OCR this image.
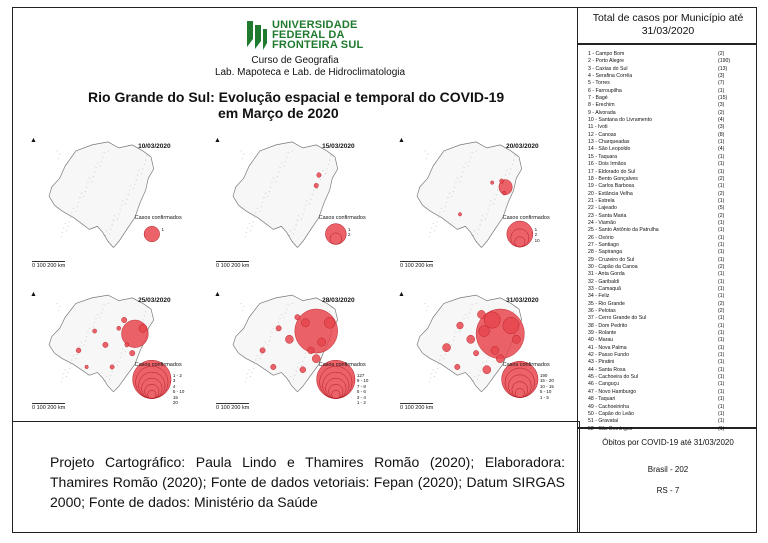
UNIVERSIDADE
FEDERAL DA
FRONTEIRA SUL
Curso de Geografia
Lab. Mapoteca e Lab. de Hidroclimatologia
Rio Grande do Sul: Evolução espacial e temporal do COVID-19
em Março de 2020
10/03/2020
▲
0 100 200 km
Casos confirmados
1
15/03/2020
▲
0 100 200 km
Casos confirmados
1
2
20/03/2020
▲
0 100 200 km
Casos confirmados
1
2
10
25/03/2020
▲
0 100 200 km
Casos confirmados
1 - 2
3
4
5 - 10
15
20
28/03/2020
▲
0 100 200 km
Casos confirmados
127
9 - 10
7 - 8
5 - 6
3 - 4
1 - 2
31/03/2020
▲
0 100 200 km
Casos confirmados
190
15 - 20
10 - 15
5 - 10
1 - 5
Total de casos por Município até 31/03/2020
1 - Campo Bom	(2)
2 - Porto Alegre	(190)
3 - Caxias do Sul	(13)
4 - Serafina Corrêa	(3)
5 - Torres	(7)
6 - Farroupilha	(1)
7 - Bagé	(15)
8 - Erechim	(3)
9 - Alvorada	(2)
10 - Santana do Livramento	(4)
11 - Ivoti	(3)
12 - Canoas	(8)
13 - Charqueadas	(1)
14 - São Leopoldo	(4)
15 - Taquara	(1)
16 - Dois Irmãos	(1)
17 - Eldorado do Sul	(1)
18 - Bento Gonçalves	(2)
19 - Carlos Barbosa	(1)
20 - Estância Velha	(2)
21 - Estrela	(1)
22 - Lajeado	(5)
23 - Santa Maria	(2)
24 - Viamão	(1)
25 - Santo Antônio da Patrulha	(1)
26 - Osório	(1)
27 - Santiago	(1)
28 - Sapiranga	(1)
29 - Cruzeiro do Sul	(1)
30 - Capão da Canoa	(2)
31 - Anta Gorda	(1)
32 - Garibaldi	(1)
33 - Camaquã	(1)
34 - Feliz	(1)
35 - Rio Grande	(2)
36 - Pelotas	(2)
37 - Cerro Grande do Sul	(1)
38 - Dom Pedrito	(1)
39 - Rolante	(1)
40 - Marau	(1)
41 - Nova Palma	(1)
42 - Passo Fundo	(1)
43 - Piratini	(1)
44 - Santa Rosa	(1)
45 - Cachoeira do Sul	(1)
46 - Canguçu	(1)
47 - Novo Hamburgo	(1)
48 - Taquari	(1)
49 - Cachoeirinha	(1)
50 - Capão do Leão	(1)
51 - Gravataí	(1)
52 - São Domingos	(1)
Projeto Cartográfico: Paula Lindo e Thamires Romão (2020); Elaboradora: Thamires Romão (2020); Fonte de dados vetoriais: Fepan (2020); Datum SIRGAS 2000; Fonte de dados: Ministério da Saúde
Óbitos por COVID-19 até 31/03/2020
Brasil - 202
RS - 7
